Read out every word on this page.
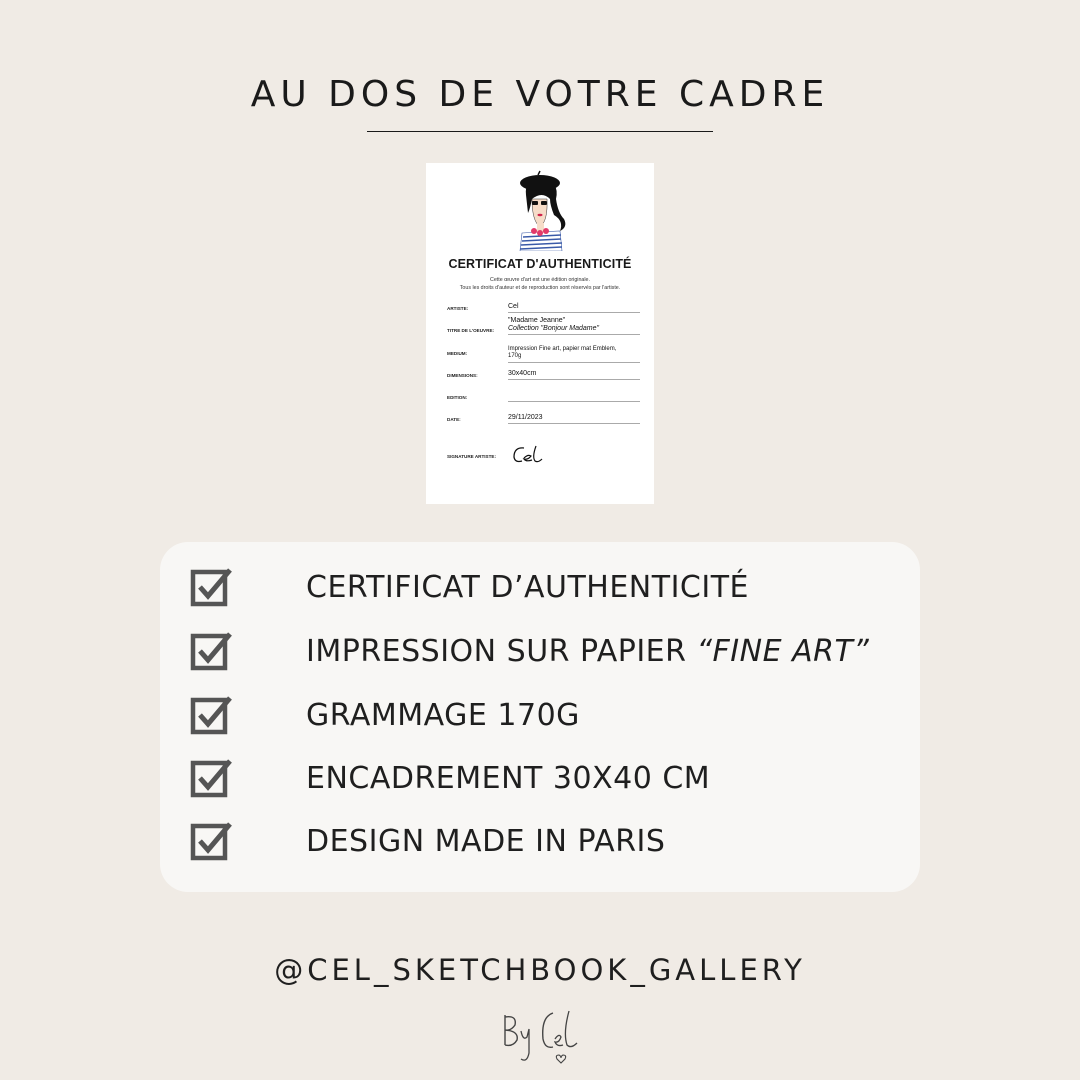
AU DOS DE VOTRE CADRE
CERTIFICAT D'AUTHENTICITÉ
Cette œuvre d'art est une édition originale.
Tous les droits d'auteur et de reproduction sont réservés par l'artiste.
ARTISTE:	Cel
TITRE DE L'OEUVRE:
"Madame Jeanne"
Collection "Bonjour Madame"
MEDIUM:
Impression Fine art, papier mat Emblem,
170g
DIMENSIONS:	30x40cm
EDITION:
DATE:	29/11/2023
SIGNATURE ARTISTE:
CERTIFICAT D’AUTHENTICITÉ
IMPRESSION SUR PAPIER “FINE ART”
GRAMMAGE 170G
ENCADREMENT 30X40 CM
DESIGN MADE IN PARIS
@CEL_SKETCHBOOK_GALLERY
